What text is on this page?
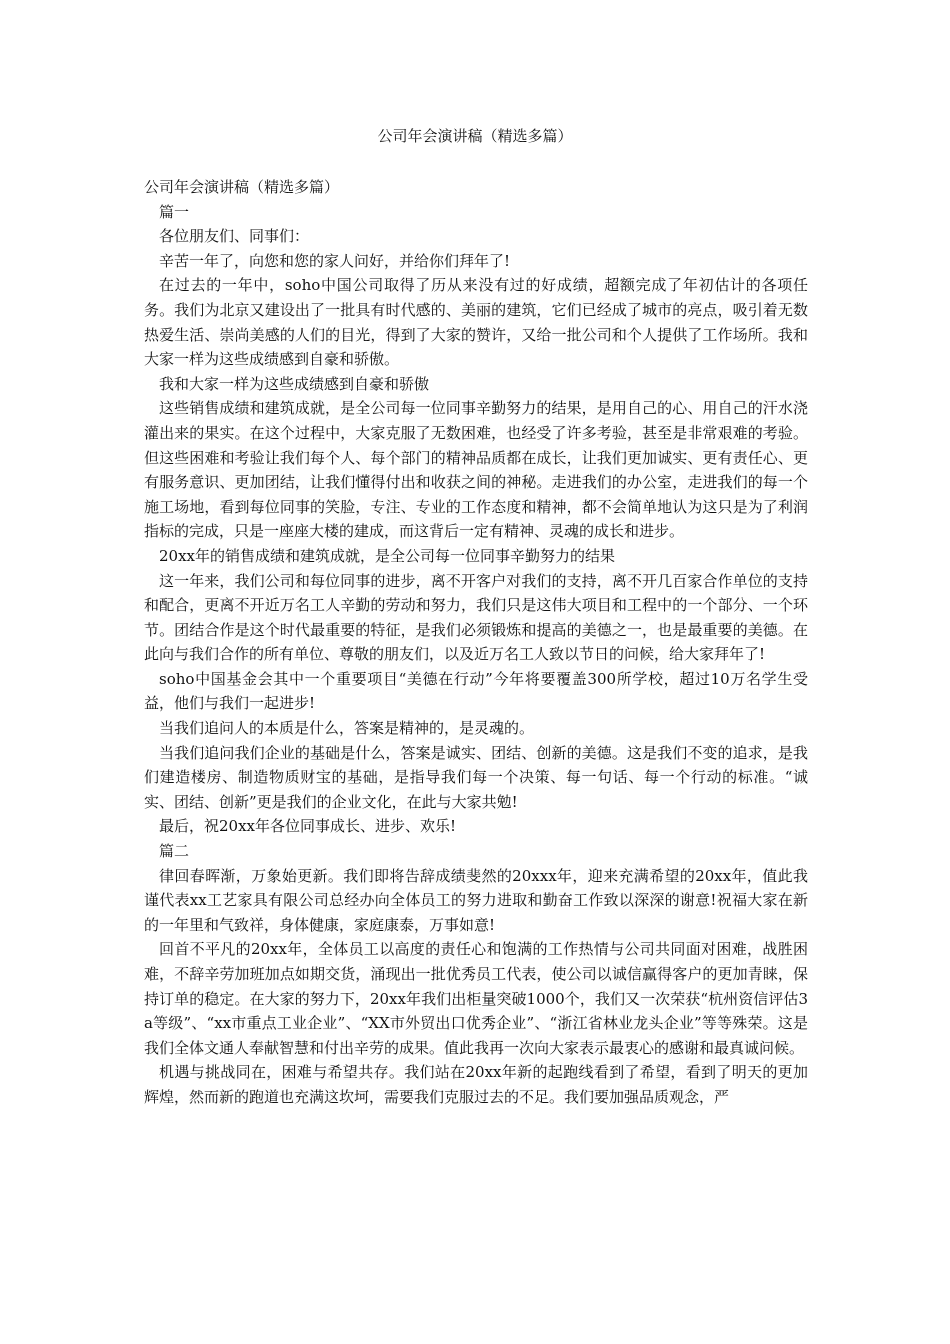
公司年会演讲稿（精选多篇）

公司年会演讲稿（精选多篇）

篇一

各位朋友们、同事们：

辛苦一年了，向您和您的家人问好，并给你们拜年了!

在过去的一年中，soho中国公司取得了历从来没有过的好成绩，超额完成了年初估计的各项任务。我们为北京又建设出了一批具有时代感的、美丽的建筑，它们已经成了城市的亮点，吸引着无数热爱生活、崇尚美感的人们的目光，得到了大家的赞许，又给一批公司和个人提供了工作场所。我和大家一样为这些成绩感到自豪和骄傲。

我和大家一样为这些成绩感到自豪和骄傲

这些销售成绩和建筑成就，是全公司每一位同事辛勤努力的结果，是用自己的心、用自己的汗水浇灌出来的果实。在这个过程中，大家克服了无数困难，也经受了许多考验，甚至是非常艰难的考验。但这些困难和考验让我们每个人、每个部门的精神品质都在成长，让我们更加诚实、更有责任心、更有服务意识、更加团结，让我们懂得付出和收获之间的神秘。走进我们的办公室，走进我们的每一个施工场地，看到每位同事的笑脸，专注、专业的工作态度和精神，都不会简单地认为这只是为了利润指标的完成，只是一座座大楼的建成，而这背后一定有精神、灵魂的成长和进步。

20xx年的销售成绩和建筑成就，是全公司每一位同事辛勤努力的结果

这一年来，我们公司和每位同事的进步，离不开客户对我们的支持，离不开几百家合作单位的支持和配合，更离不开近万名工人辛勤的劳动和努力，我们只是这伟大项目和工程中的一个部分、一个环节。团结合作是这个时代最重要的特征，是我们必须锻炼和提高的美德之一，也是最重要的美德。在此向与我们合作的所有单位、尊敬的朋友们，以及近万名工人致以节日的问候，给大家拜年了!

soho中国基金会其中一个重要项目“美德在行动”今年将要覆盖300所学校，超过10万名学生受益，他们与我们一起进步!

当我们追问人的本质是什么，答案是精神的，是灵魂的。

当我们追问我们企业的基础是什么，答案是诚实、团结、创新的美德。这是我们不变的追求，是我们建造楼房、制造物质财宝的基础，是指导我们每一个决策、每一句话、每一个行动的标准。“诚实、团结、创新”更是我们的企业文化，在此与大家共勉!

最后，祝20xx年各位同事成长、进步、欢乐!

篇二

律回春晖渐，万象始更新。我们即将告辞成绩斐然的20xxx年，迎来充满希望的20xx年，值此我谨代表xx工艺家具有限公司总经办向全体员工的努力进取和勤奋工作致以深深的谢意!祝福大家在新的一年里和气致祥，身体健康，家庭康泰，万事如意!

回首不平凡的20xx年，全体员工以高度的责任心和饱满的工作热情与公司共同面对困难，战胜困难，不辞辛劳加班加点如期交货，涌现出一批优秀员工代表，使公司以诚信赢得客户的更加青睐，保持订单的稳定。在大家的努力下，20xx年我们出柜量突破1000个，我们又一次荣获“杭州资信评估3a等级”、“xx市重点工业企业”、“XX市外贸出口优秀企业”、“浙江省林业龙头企业”等等殊荣。这是我们全体文通人奉献智慧和付出辛劳的成果。值此我再一次向大家表示最衷心的感谢和最真诚问候。

机遇与挑战同在，困难与希望共存。我们站在20xx年新的起跑线看到了希望，看到了明天的更加辉煌，然而新的跑道也充满这坎坷，需要我们克服过去的不足。我们要加强品质观念，严
